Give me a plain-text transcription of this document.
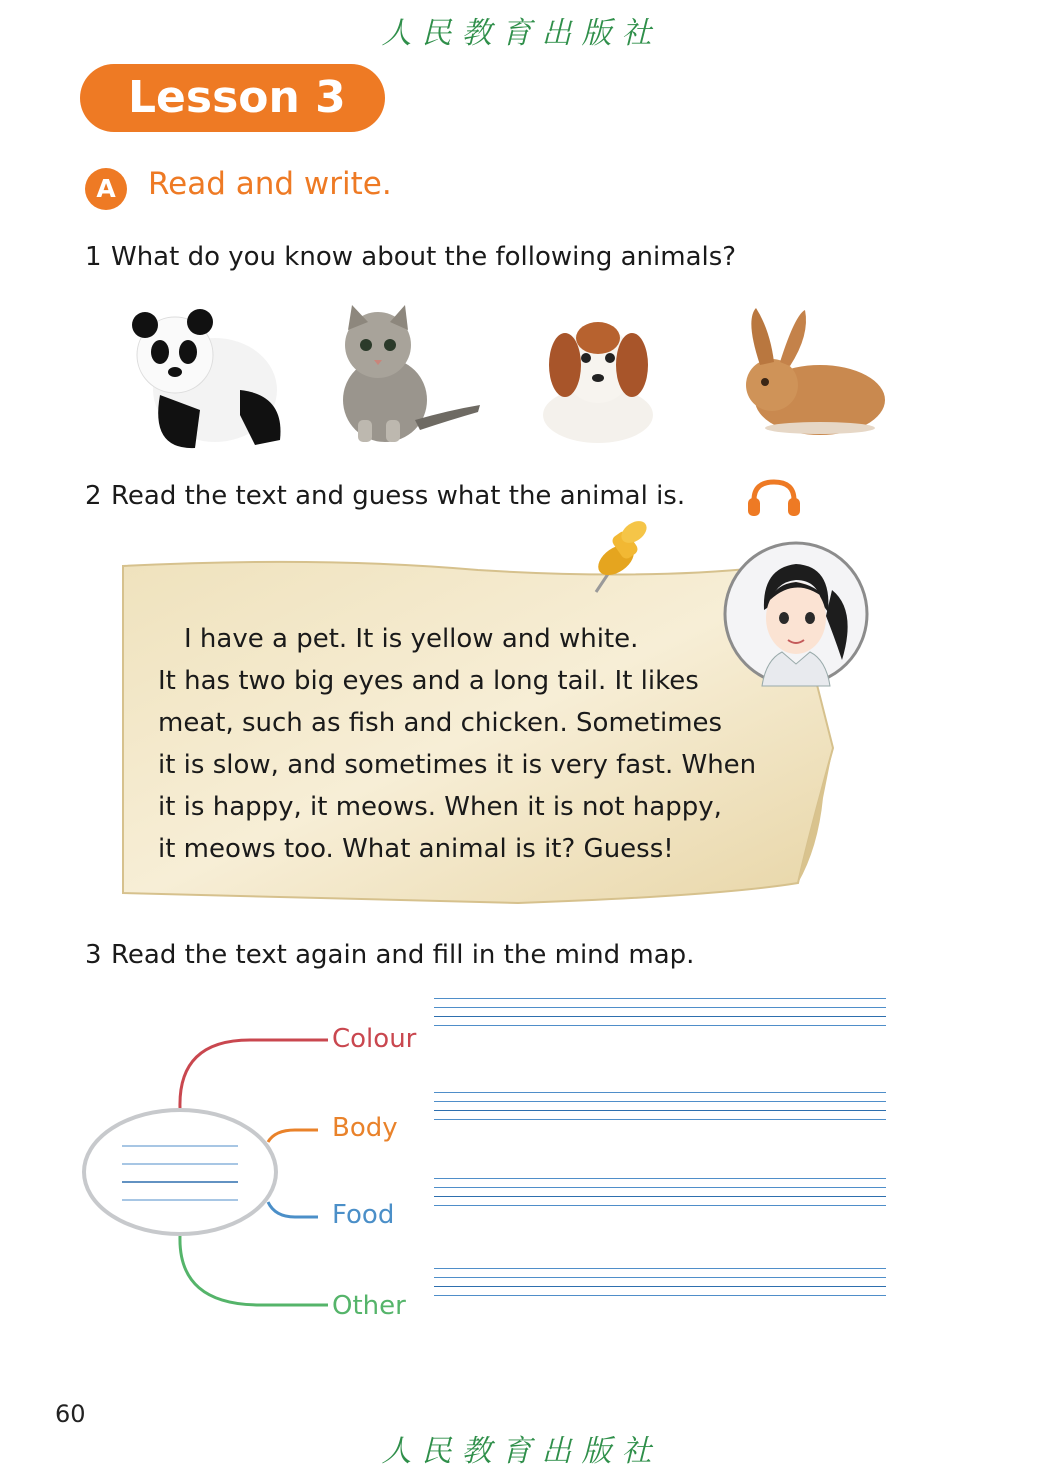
人民教育出版社
Lesson 3
A	Read and write.
1 What do you know about the following animals?
2 Read the text and guess what the animal is.
I have a pet. It is yellow and white.
It has two big eyes and a long tail. It likes
meat, such as fish and chicken. Sometimes
it is slow, and sometimes it is very fast. When
it is happy, it meows. When it is not happy,
it meows too. What animal is it? Guess!
3 Read the text again and fill in the mind map.
Colour
Body
Food
Other
60
人民教育出版社
